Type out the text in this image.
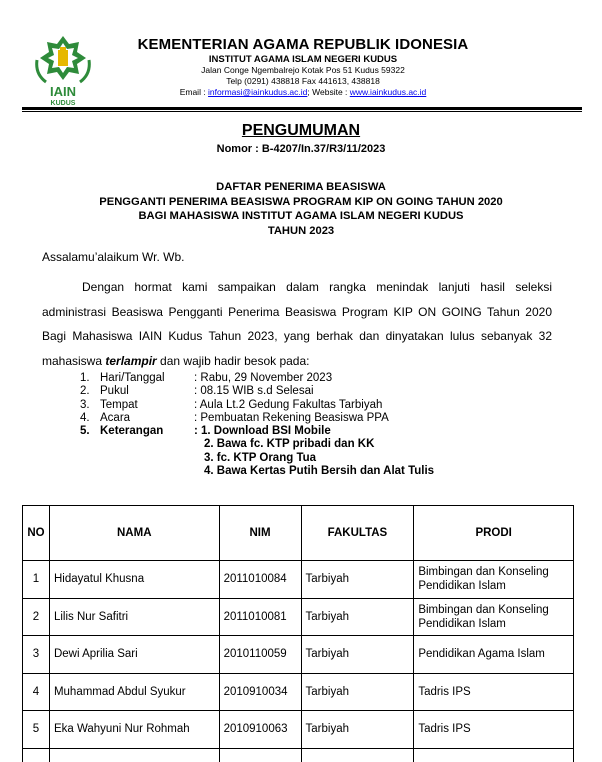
IAIN
KUDUS
KEMENTERIAN AGAMA REPUBLIK IDONESIA
INSTITUT AGAMA ISLAM NEGERI KUDUS
Jalan Conge Ngembalrejo Kotak Pos 51 Kudus 59322
Telp (0291) 438818 Fax 441613, 438818
Email : informasi@iainkudus.ac.id; Website : www.iainkudus.ac.id
PENGUMUMAN
Nomor : B-4207/In.37/R3/11/2023
DAFTAR PENERIMA BEASISWA
PENGGANTI PENERIMA BEASISWA PROGRAM KIP ON GOING TAHUN 2020
BAGI MAHASISWA INSTITUT AGAMA ISLAM NEGERI KUDUS
TAHUN 2023
Assalamu’alaikum Wr. Wb.
Dengan hormat kami sampaikan dalam rangka menindak lanjuti hasil seleksi administrasi Beasiswa Pengganti Penerima Beasiswa Program KIP ON GOING Tahun 2020 Bagi Mahasiswa IAIN Kudus Tahun 2023, yang berhak dan dinyatakan lulus sebanyak 32 mahasiswa terlampir dan wajib hadir besok pada:
1. Hari/Tanggal	: Rabu, 29 November 2023
2. Pukul	: 08.15 WIB s.d Selesai
3. Tempat	: Aula Lt.2 Gedung Fakultas Tarbiyah
4. Acara	: Pembuatan Rekening Beasiswa PPA
5. Keterangan	: 1. Download BSI Mobile
2. Bawa fc. KTP pribadi dan KK
3. fc. KTP Orang Tua
4. Bawa Kertas Putih Bersih dan Alat Tulis
NO	NAMA	NIM	FAKULTAS	PRODI
1	Hidayatul Khusna	2011010084	Tarbiyah	Bimbingan dan Konseling Pendidikan Islam
2	Lilis Nur Safitri	2011010081	Tarbiyah	Bimbingan dan Konseling Pendidikan Islam
3	Dewi Aprilia Sari	2010110059	Tarbiyah	Pendidikan Agama Islam
4	Muhammad Abdul Syukur	2010910034	Tarbiyah	Tadris IPS
5	Eka Wahyuni Nur Rohmah	2010910063	Tarbiyah	Tadris IPS
